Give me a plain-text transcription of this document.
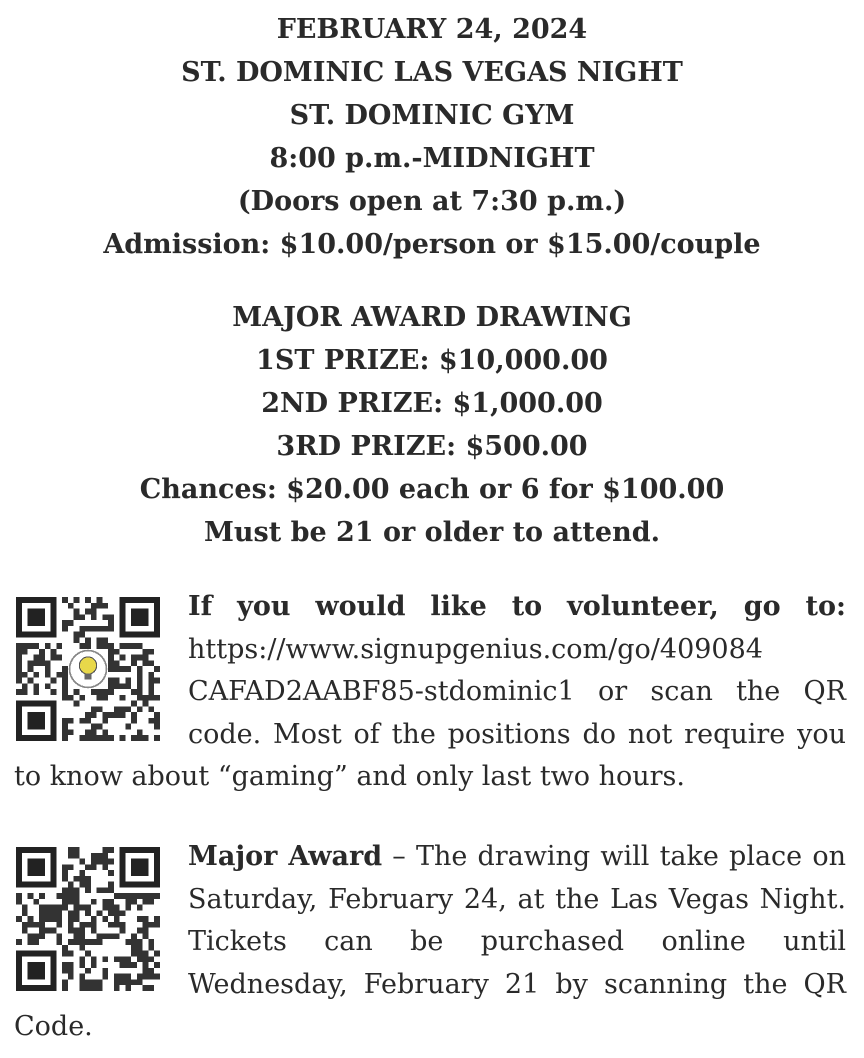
FEBRUARY 24, 2024
ST. DOMINIC LAS VEGAS NIGHT
ST. DOMINIC GYM
8:00 p.m.-MIDNIGHT
(Doors open at 7:30 p.m.)
Admission: $10.00/person or $15.00/couple
MAJOR AWARD DRAWING
1ST PRIZE: $10,000.00
2ND PRIZE: $1,000.00
3RD PRIZE: $500.00
Chances: $20.00 each or 6 for $100.00
Must be 21 or older to attend.
If you would like to volunteer, go to: https://www.signupgenius.com/go/409084 CAFAD2AABF85-stdominic1 or scan the QR code. Most of the positions do not require you to know about “gaming” and only last two hours.
Major Award – The drawing will take place on Saturday, February 24, at the Las Vegas Night. Tickets can be purchased online until Wednesday, February 21 by scanning the QR Code.
